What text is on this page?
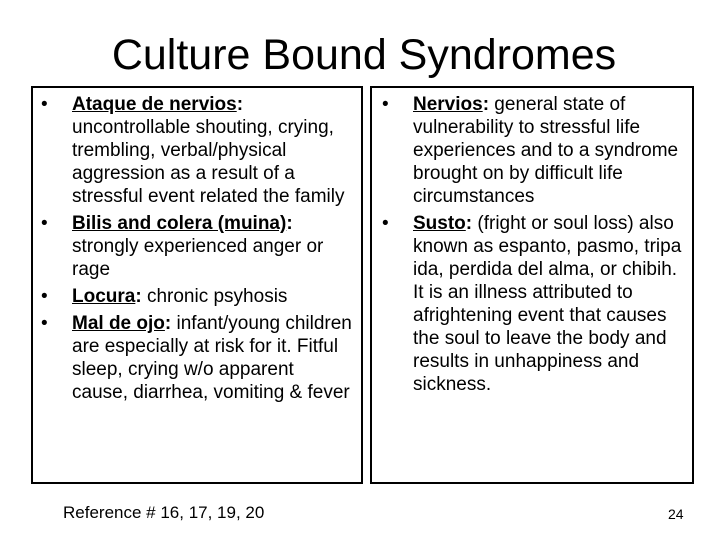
Culture Bound Syndromes
•	Ataque de nervios: uncontrollable shouting, crying, trembling, verbal/physical aggression as a result of a stressful event related the family
•	Bilis and colera (muina): strongly experienced anger or rage
•	Locura: chronic psyhosis
•	Mal de ojo: infant/young children are especially at risk for it. Fitful sleep, crying w/o apparent cause, diarrhea, vomiting & fever
•	Nervios: general state of vulnerability to stressful life experiences and to a syndrome brought on by difficult life circumstances
•	Susto: (fright or soul loss) also known as espanto, pasmo, tripa ida, perdida del alma, or chibih. It is an illness attributed to afrightening event that causes the soul to leave the body and results in unhappiness and sickness.
Reference # 16, 17, 19, 20	24
